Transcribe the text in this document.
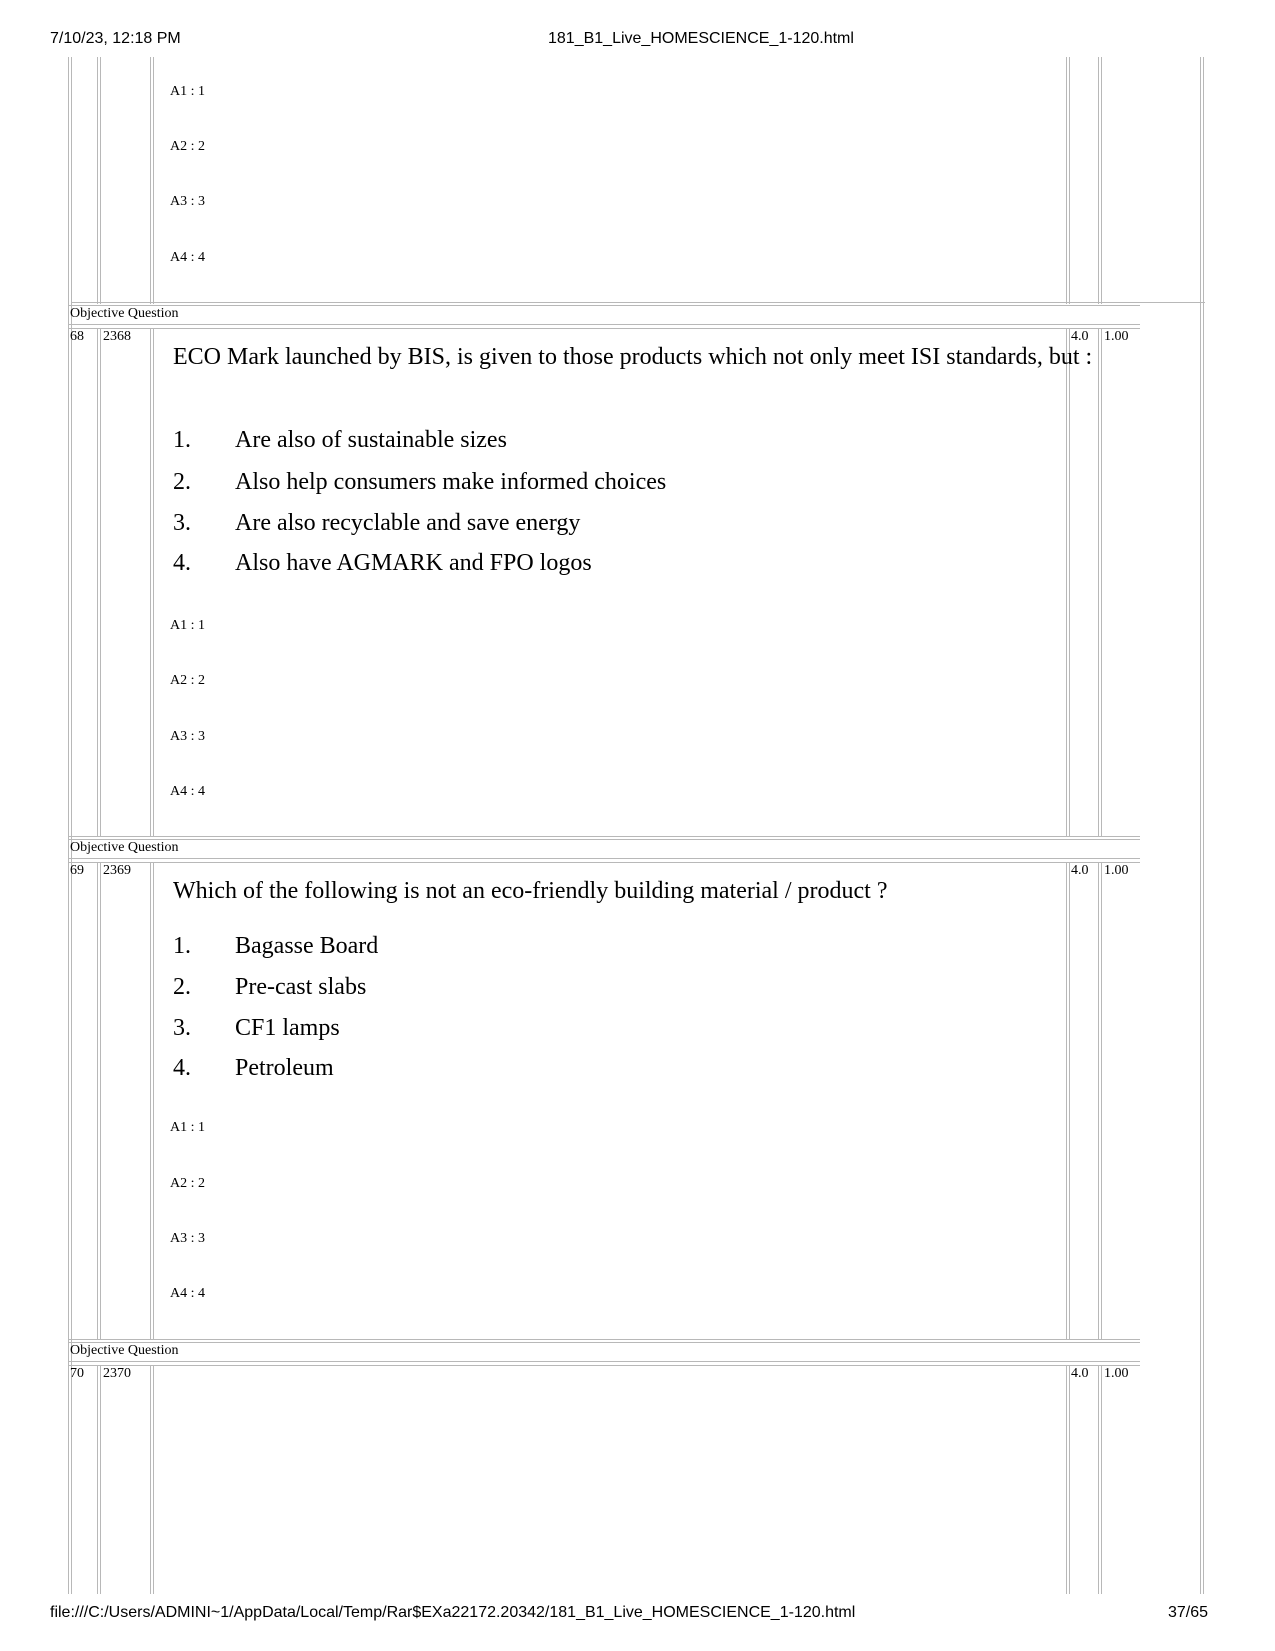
7/10/23, 12:18 PM	181_B1_Live_HOMESCIENCE_1-120.html
A1 : 1
A2 : 2
A3 : 3
A4 : 4
Objective Question
68 2368	4.0 1.00
ECO Mark launched by BIS, is given to those products which not only meet ISI standards, but :
1. Are also of sustainable sizes
2. Also help consumers make informed choices
3. Are also recyclable and save energy
4. Also have AGMARK and FPO logos
A1 : 1
A2 : 2
A3 : 3
A4 : 4
Objective Question
69 2369	4.0 1.00
Which of the following is not an eco-friendly building material / product ?
1. Bagasse Board
2. Pre-cast slabs
3. CF1 lamps
4. Petroleum
A1 : 1
A2 : 2
A3 : 3
A4 : 4
Objective Question
70 2370	4.0 1.00
file:///C:/Users/ADMINI~1/AppData/Local/Temp/Rar$EXa22172.20342/181_B1_Live_HOMESCIENCE_1-120.html	37/65
